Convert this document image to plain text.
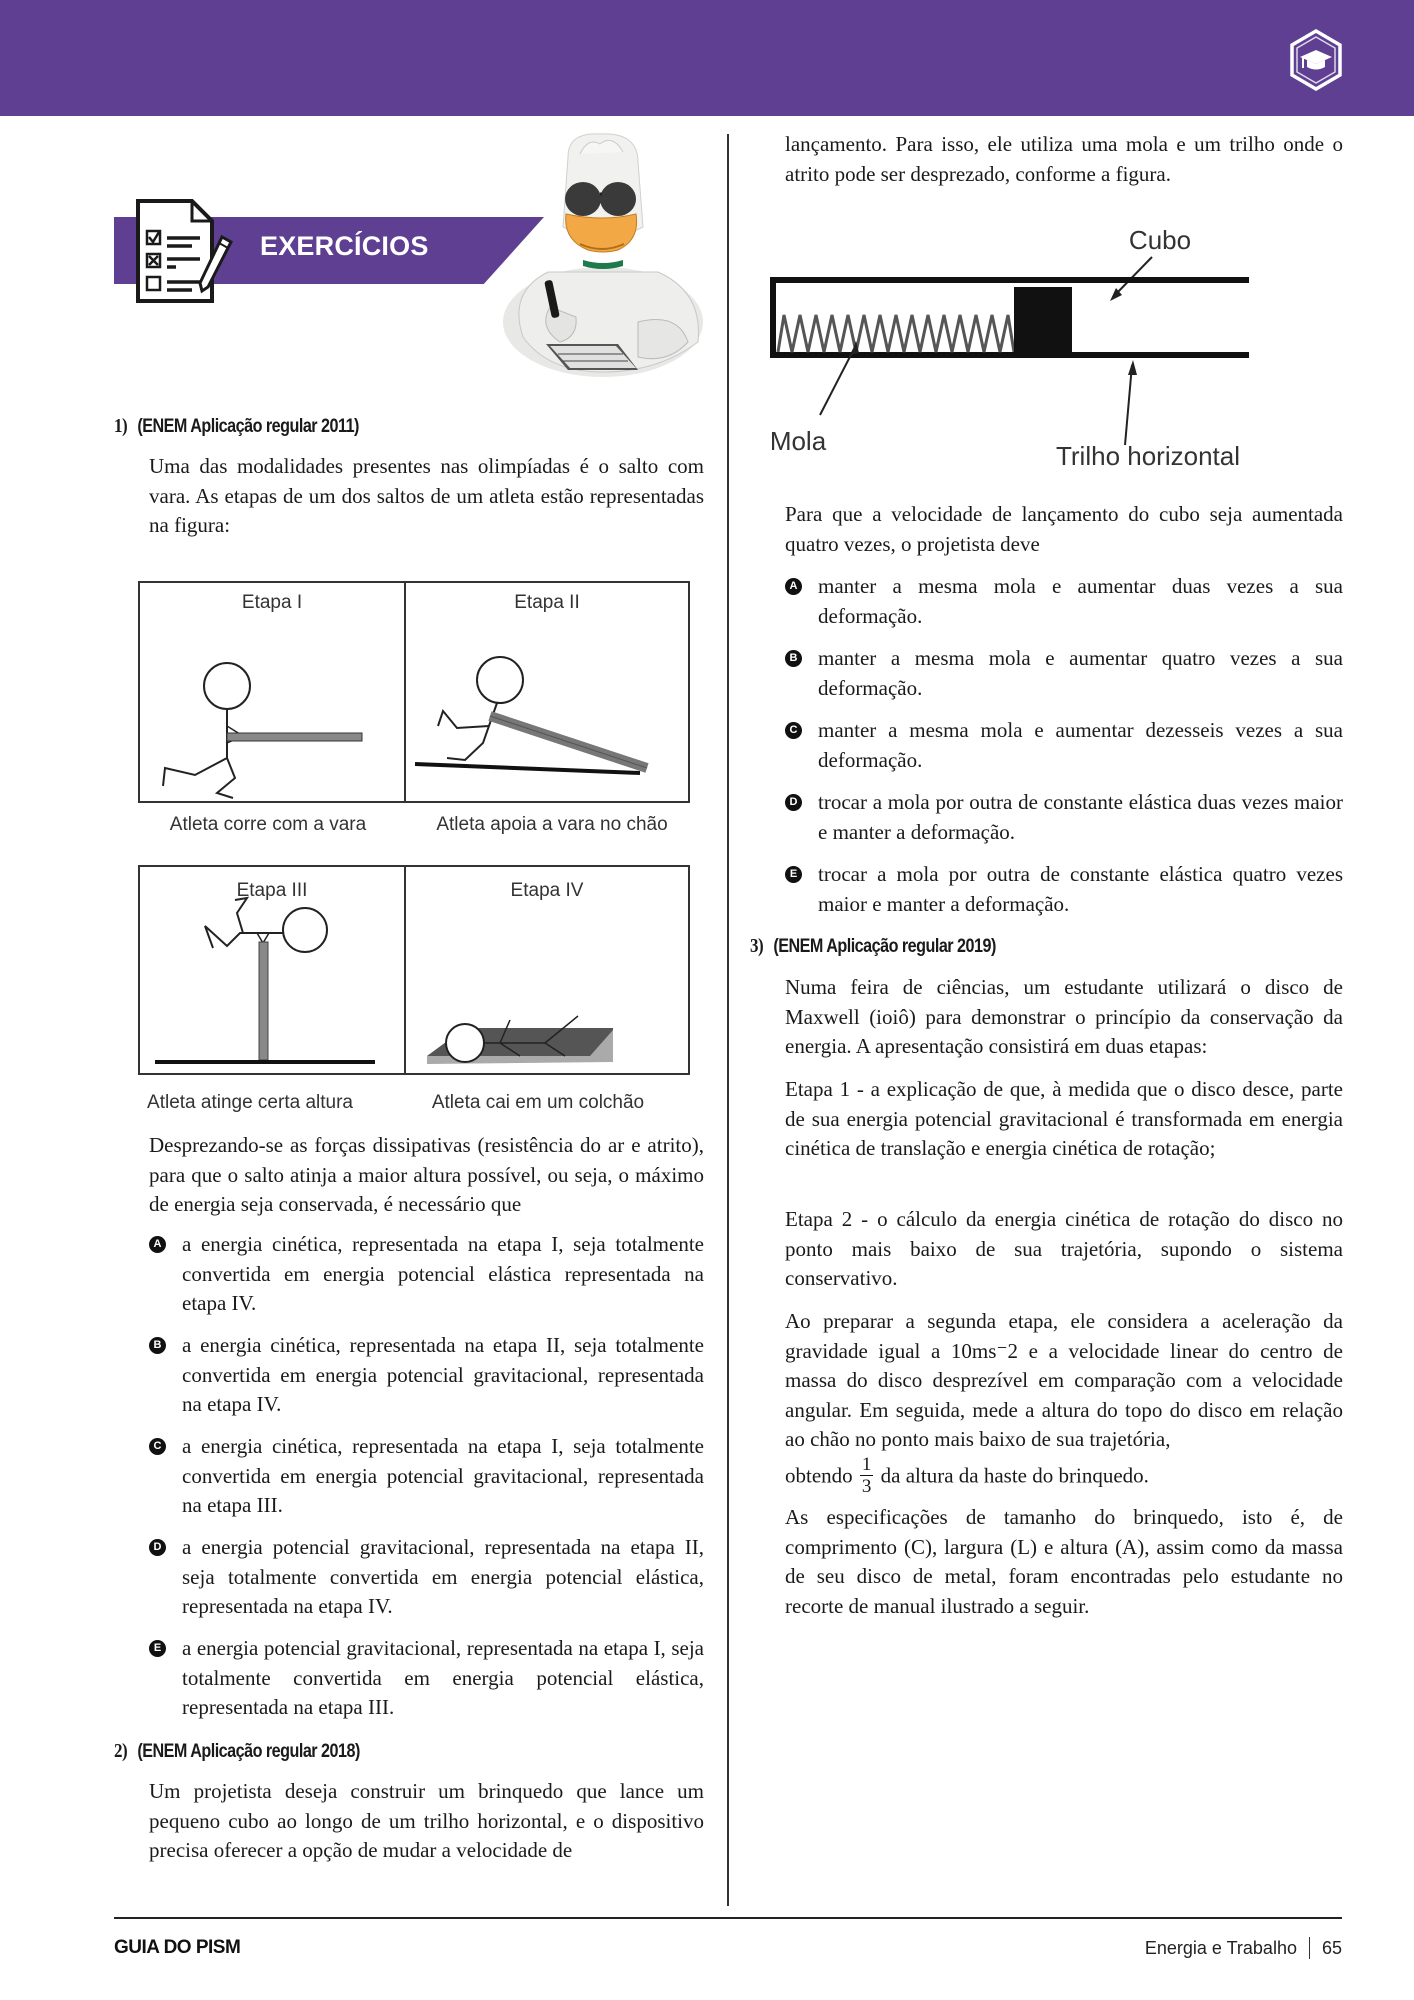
EXERCÍCIOS
1) (ENEM Aplicação regular 2011)

Uma das modalidades presentes nas olimpíadas é o salto com vara. As etapas de um dos saltos de um atleta estão representadas na figura:

Etapa I	Etapa II
Atleta corre com a vara	Atleta apoia a vara no chão
Etapa III	Etapa IV
Atleta atinge certa altura	Atleta cai em um colchão

Desprezando-se as forças dissipativas (resistência do ar e atrito), para que o salto atinja a maior altura possível, ou seja, o máximo de energia seja conservada, é necessário que

A a energia cinética, representada na etapa I, seja totalmente convertida em energia potencial elástica representada na etapa IV.
B a energia cinética, representada na etapa II, seja totalmente convertida em energia potencial gravitacional, representada na etapa IV.
C a energia cinética, representada na etapa I, seja totalmente convertida em energia potencial gravitacional, representada na etapa III.
D a energia potencial gravitacional, representada na etapa II, seja totalmente convertida em energia potencial elástica, representada na etapa IV.
E a energia potencial gravitacional, representada na etapa I, seja totalmente convertida em energia potencial elástica, representada na etapa III.
2) (ENEM Aplicação regular 2018)

Um projetista deseja construir um brinquedo que lance um pequeno cubo ao longo de um trilho horizontal, e o dispositivo precisa oferecer a opção de mudar a velocidade de

lançamento. Para isso, ele utiliza uma mola e um trilho onde o atrito pode ser desprezado, conforme a figura.

Cubo
Mola	Trilho horizontal

Para que a velocidade de lançamento do cubo seja aumentada quatro vezes, o projetista deve

A manter a mesma mola e aumentar duas vezes a sua deformação.
B manter a mesma mola e aumentar quatro vezes a sua deformação.
C manter a mesma mola e aumentar dezesseis vezes a sua deformação.
D trocar a mola por outra de constante elástica duas vezes maior e manter a deformação.
E trocar a mola por outra de constante elástica quatro vezes maior e manter a deformação.
3) (ENEM Aplicação regular 2019)

Numa feira de ciências, um estudante utilizará o disco de Maxwell (ioiô) para demonstrar o princípio da conservação da energia. A apresentação consistirá em duas etapas:

Etapa 1 - a explicação de que, à medida que o disco desce, parte de sua energia potencial gravitacional é transformada em energia cinética de translação e energia cinética de rotação;

Etapa 2 - o cálculo da energia cinética de rotação do disco no ponto mais baixo de sua trajetória, supondo o sistema conservativo.

Ao preparar a segunda etapa, ele considera a aceleração da gravidade igual a 10ms⁻2 e a velocidade linear do centro de massa do disco desprezível em comparação com a velocidade angular. Em seguida, mede a altura do topo do disco em relação ao chão no ponto mais baixo de sua trajetória,
obtendo $\frac{1}{3}$ da altura da haste do brinquedo.

As especificações de tamanho do brinquedo, isto é, de comprimento (C), largura (L) e altura (A), assim como da massa de seu disco de metal, foram encontradas pelo estudante no recorte de manual ilustrado a seguir.

GUIA DO PISM	Energia e Trabalho 65
